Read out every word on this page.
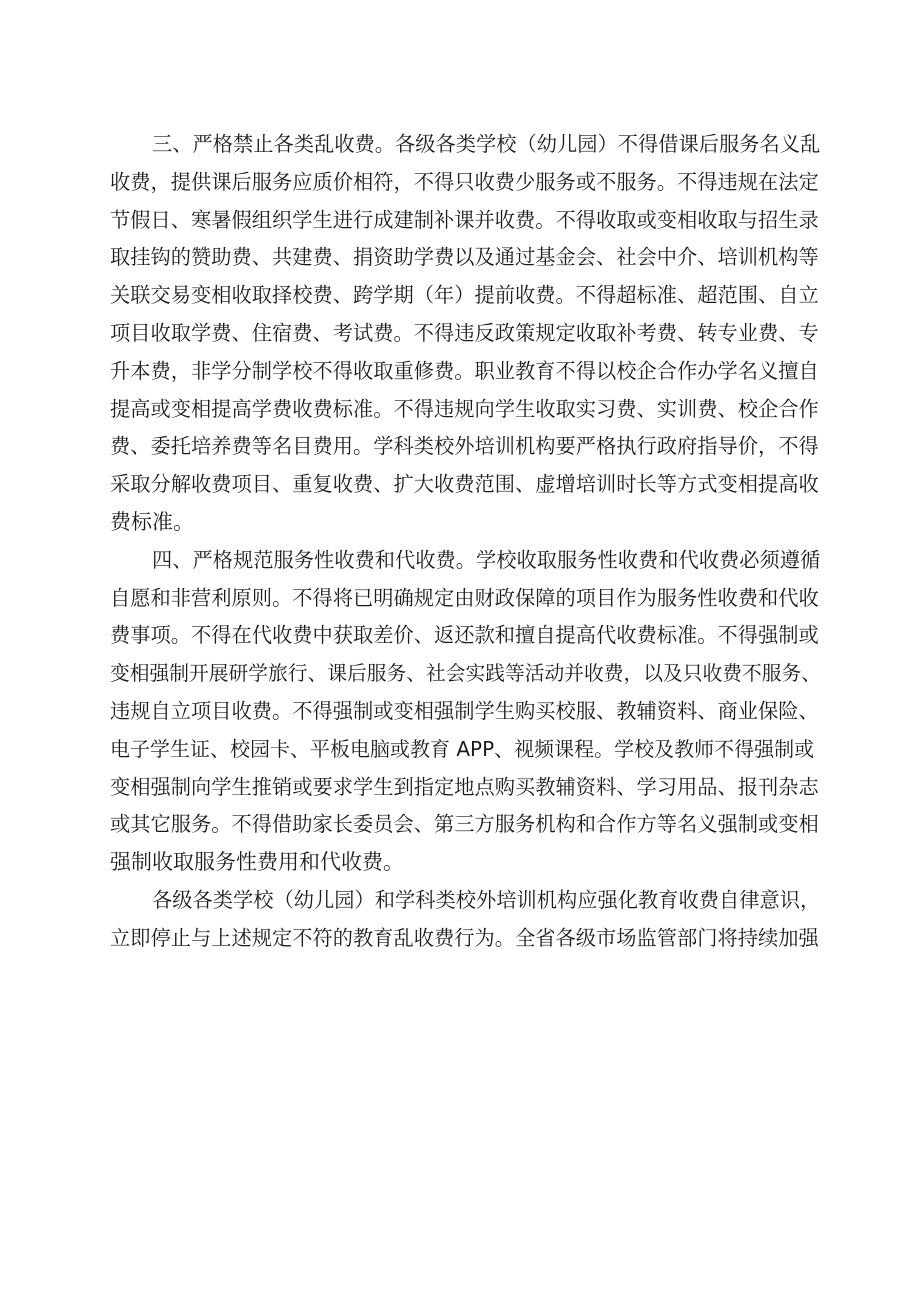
三、严格禁止各类乱收费。各级各类学校（幼儿园）不得借课后服务名义乱
收费，提供课后服务应质价相符，不得只收费少服务或不服务。不得违规在法定
节假日、寒暑假组织学生进行成建制补课并收费。不得收取或变相收取与招生录
取挂钩的赞助费、共建费、捐资助学费以及通过基金会、社会中介、培训机构等
关联交易变相收取择校费、跨学期（年）提前收费。不得超标准、超范围、自立
项目收取学费、住宿费、考试费。不得违反政策规定收取补考费、转专业费、专
升本费，非学分制学校不得收取重修费。职业教育不得以校企合作办学名义擅自
提高或变相提高学费收费标准。不得违规向学生收取实习费、实训费、校企合作
费、委托培养费等名目费用。学科类校外培训机构要严格执行政府指导价，不得
采取分解收费项目、重复收费、扩大收费范围、虚增培训时长等方式变相提高收
费标准。

四、严格规范服务性收费和代收费。学校收取服务性收费和代收费必须遵循
自愿和非营利原则。不得将已明确规定由财政保障的项目作为服务性收费和代收
费事项。不得在代收费中获取差价、返还款和擅自提高代收费标准。不得强制或
变相强制开展研学旅行、课后服务、社会实践等活动并收费，以及只收费不服务、
违规自立项目收费。不得强制或变相强制学生购买校服、教辅资料、商业保险、
电子学生证、校园卡、平板电脑或教育 APP、视频课程。学校及教师不得强制或
变相强制向学生推销或要求学生到指定地点购买教辅资料、学习用品、报刊杂志
或其它服务。不得借助家长委员会、第三方服务机构和合作方等名义强制或变相
强制收取服务性费用和代收费。

各级各类学校（幼儿园）和学科类校外培训机构应强化教育收费自律意识，
立即停止与上述规定不符的教育乱收费行为。全省各级市场监管部门将持续加强
